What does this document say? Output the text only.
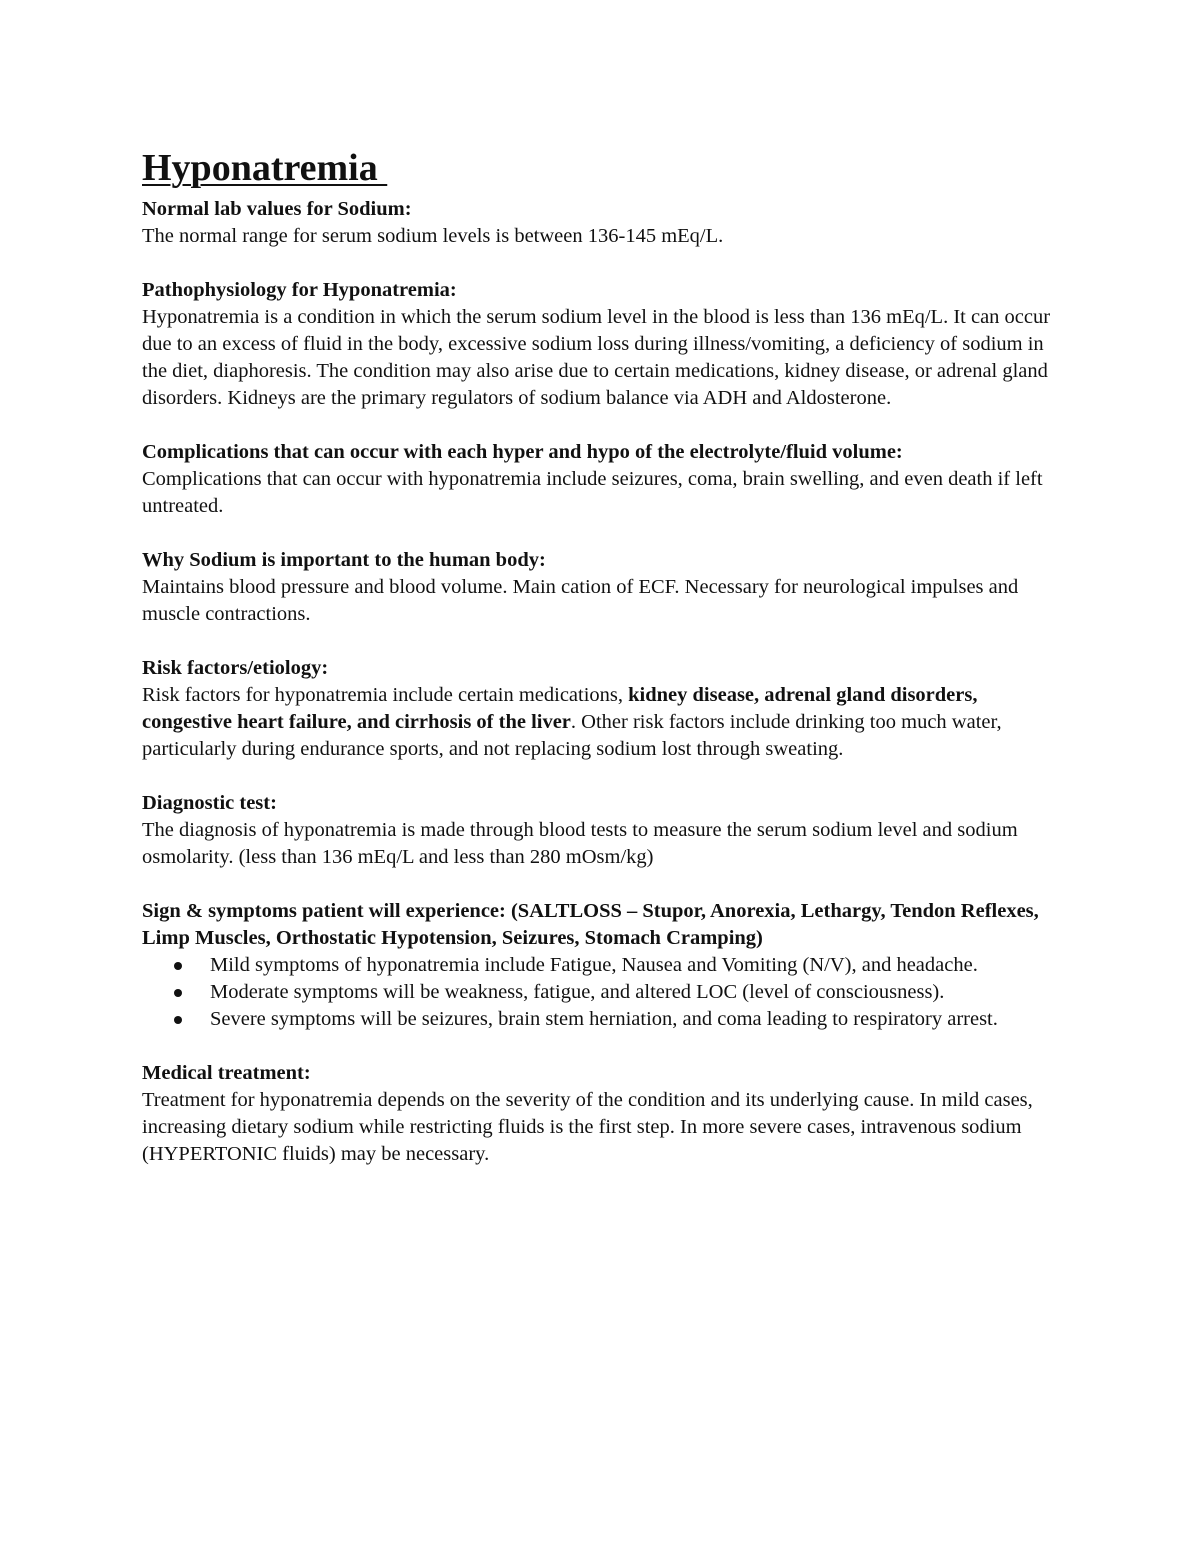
Hyponatremia

Normal lab values for Sodium:

The normal range for serum sodium levels is between 136-145 mEq/L.

Pathophysiology for Hyponatremia:

Hyponatremia is a condition in which the serum sodium level in the blood is less than 136 mEq/L. It can occur due to an excess of fluid in the body, excessive sodium loss during illness/vomiting, a deficiency of sodium in the diet, diaphoresis. The condition may also arise due to certain medications, kidney disease, or adrenal gland disorders. Kidneys are the primary regulators of sodium balance via ADH and Aldosterone.

Complications that can occur with each hyper and hypo of the electrolyte/fluid volume:

Complications that can occur with hyponatremia include seizures, coma, brain swelling, and even death if left untreated.

Why Sodium is important to the human body:

Maintains blood pressure and blood volume. Main cation of ECF. Necessary for neurological impulses and muscle contractions.

Risk factors/etiology:

Risk factors for hyponatremia include certain medications, kidney disease, adrenal gland disorders, congestive heart failure, and cirrhosis of the liver. Other risk factors include drinking too much water, particularly during endurance sports, and not replacing sodium lost through sweating.

Diagnostic test:

The diagnosis of hyponatremia is made through blood tests to measure the serum sodium level and sodium osmolarity. (less than 136 mEq/L and less than 280 mOsm/kg)

Sign & symptoms patient will experience: (SALTLOSS – Stupor, Anorexia, Lethargy, Tendon Reflexes, Limp Muscles, Orthostatic Hypotension, Seizures, Stomach Cramping)

Mild symptoms of hyponatremia include Fatigue, Nausea and Vomiting (N/V), and headache.
Moderate symptoms will be weakness, fatigue, and altered LOC (level of consciousness).
Severe symptoms will be seizures, brain stem herniation, and coma leading to respiratory arrest.

Medical treatment:

Treatment for hyponatremia depends on the severity of the condition and its underlying cause. In mild cases, increasing dietary sodium while restricting fluids is the first step. In more severe cases, intravenous sodium (HYPERTONIC fluids) may be necessary.
